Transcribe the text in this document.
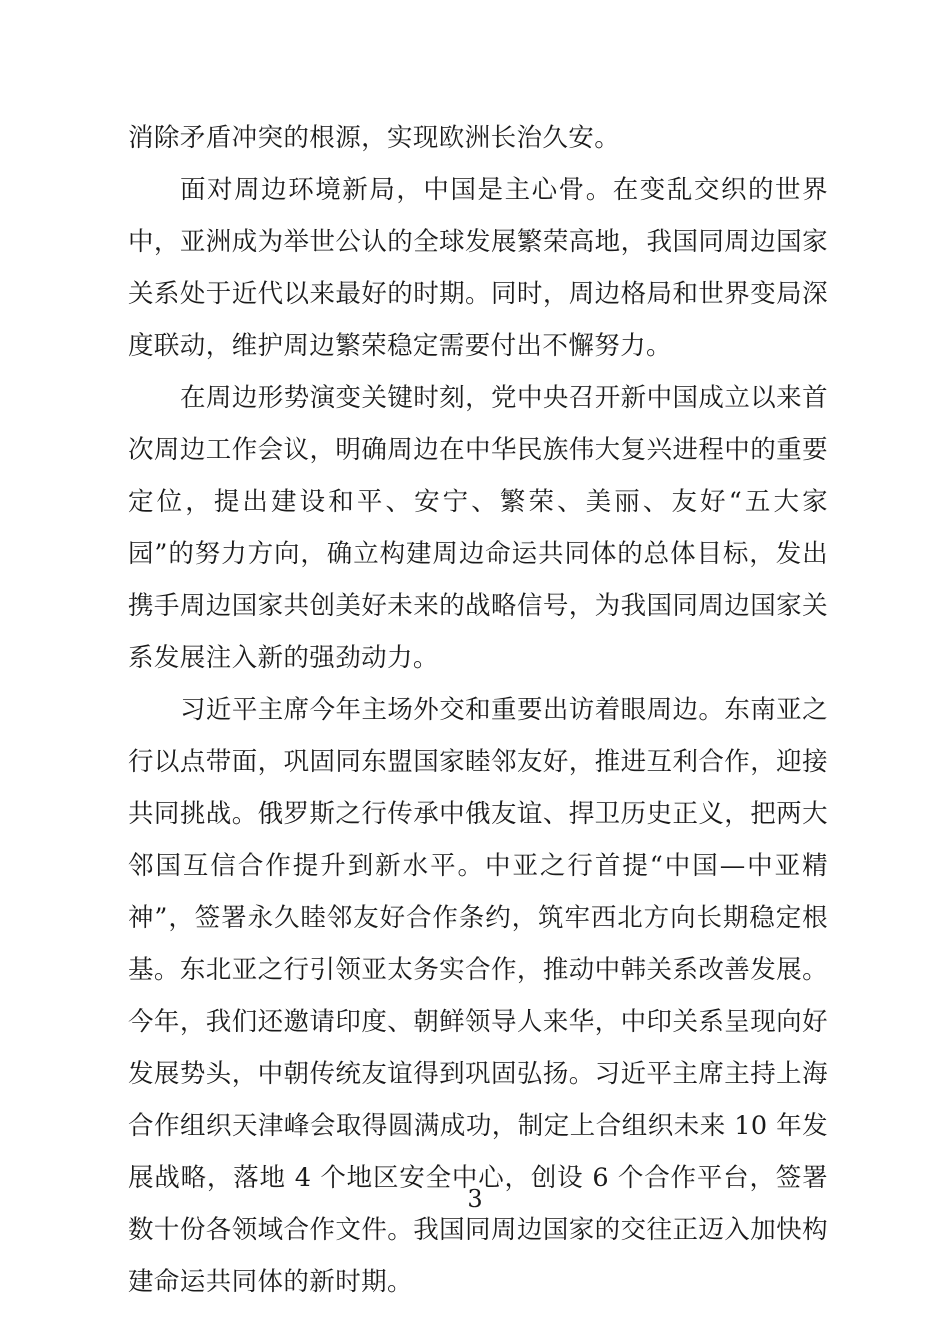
消除矛盾冲突的根源，实现欧洲长治久安。

面对周边环境新局，中国是主心骨。在变乱交织的世界中，亚洲成为举世公认的全球发展繁荣高地，我国同周边国家关系处于近代以来最好的时期。同时，周边格局和世界变局深度联动，维护周边繁荣稳定需要付出不懈努力。

在周边形势演变关键时刻，党中央召开新中国成立以来首次周边工作会议，明确周边在中华民族伟大复兴进程中的重要定位，提出建设和平、安宁、繁荣、美丽、友好“五大家园”的努力方向，确立构建周边命运共同体的总体目标，发出携手周边国家共创美好未来的战略信号，为我国同周边国家关系发展注入新的强劲动力。

习近平主席今年主场外交和重要出访着眼周边。东南亚之行以点带面，巩固同东盟国家睦邻友好，推进互利合作，迎接共同挑战。俄罗斯之行传承中俄友谊、捍卫历史正义，把两大邻国互信合作提升到新水平。中亚之行首提“中国—中亚精神”，签署永久睦邻友好合作条约，筑牢西北方向长期稳定根基。东北亚之行引领亚太务实合作，推动中韩关系改善发展。今年，我们还邀请印度、朝鲜领导人来华，中印关系呈现向好发展势头，中朝传统友谊得到巩固弘扬。习近平主席主持上海合作组织天津峰会取得圆满成功，制定上合组织未来 10 年发展战略，落地 4 个地区安全中心，创设 6 个合作平台，签署数十份各领域合作文件。我国同周边国家的交往正迈入加快构建命运共同体的新时期。

3
